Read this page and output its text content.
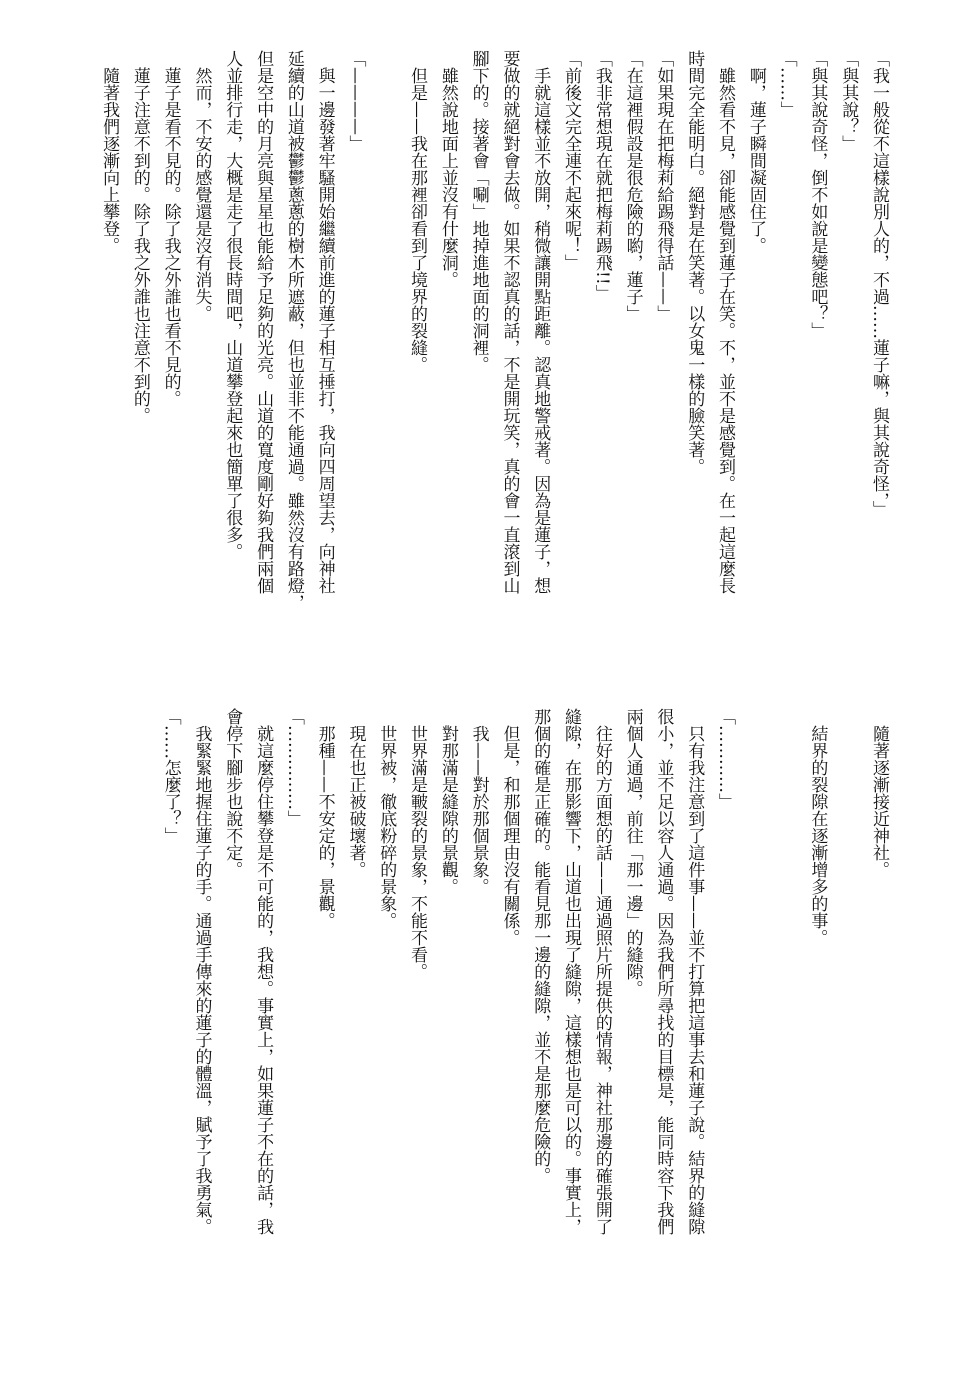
「我一般從不這樣說別人的，不過……蓮子嘛，與其說奇怪，」
「與其說？」
「與其說奇怪，倒不如說是變態吧？」
「……」
　啊，蓮子瞬間凝固住了。
　雖然看不見，卻能感覺到蓮子在笑。不，並不是感覺到。在一起這麼長
時間完全能明白。絕對是在笑著。以女鬼一樣的臉笑著。
「如果現在把梅莉給踢飛得話——」
「在這裡假設是很危險的喲，蓮子」
「我非常想現在就把梅莉踢飛!!」
「前後文完全連不起來呢！」
　手就這樣並不放開，稍微讓開點距離。認真地警戒著。因為是蓮子，想
要做的就絕對會去做。如果不認真的話，不是開玩笑，真的會一直滾到山
腳下的。接著會「唰」地掉進地面的洞裡。
　雖然說地面上並沒有什麼洞。
　但是——我在那裡卻看到了境界的裂縫。
「————」
　與一邊發著牢騷開始繼續前進的蓮子相互捶打，我向四周望去，向神社
延續的山道被鬱鬱蔥蔥的樹木所遮蔽，但也並非不能通過。雖然沒有路燈，
但是空中的月亮與星星也能給予足夠的光亮。山道的寬度剛好夠我們兩個
人並排行走，大概是走了很長時間吧，山道攀登起來也簡單了很多。
　然而，不安的感覺還是沒有消失。
　蓮子是看不見的。除了我之外誰也看不見的。
　蓮子注意不到的。除了我之外誰也注意不到的。
　隨著我們逐漸向上攀登。
　隨著逐漸接近神社。
　結界的裂隙在逐漸增多的事。
「…………」
　只有我注意到了這件事——並不打算把這事去和蓮子說。結界的縫隙
很小，並不足以容人通過。因為我們所尋找的目標是，能同時容下我們
兩個人通過，前往「那一邊」的縫隙。
　往好的方面想的話——通過照片所提供的情報，神社那邊的確張開了
縫隙，在那影響下，山道也出現了縫隙，這樣想也是可以的。事實上，
那個的確是正確的。能看見那一邊的縫隙，並不是那麼危險的。
　但是，和那個理由沒有關係。
　我——對於那個景象。
　對那滿是縫隙的景觀。
　世界滿是皸裂的景象，不能不看。
　世界被，徹底粉碎的景象。
　現在也正被破壞著。
　那種——不安定的，景觀。
「……………」
　就這麼停住攀登是不可能的，我想。事實上，如果蓮子不在的話，我
會停下腳步也說不定。
　我緊緊地握住蓮子的手。通過手傳來的蓮子的體溫，賦予了我勇氣。
「……怎麼了？」
